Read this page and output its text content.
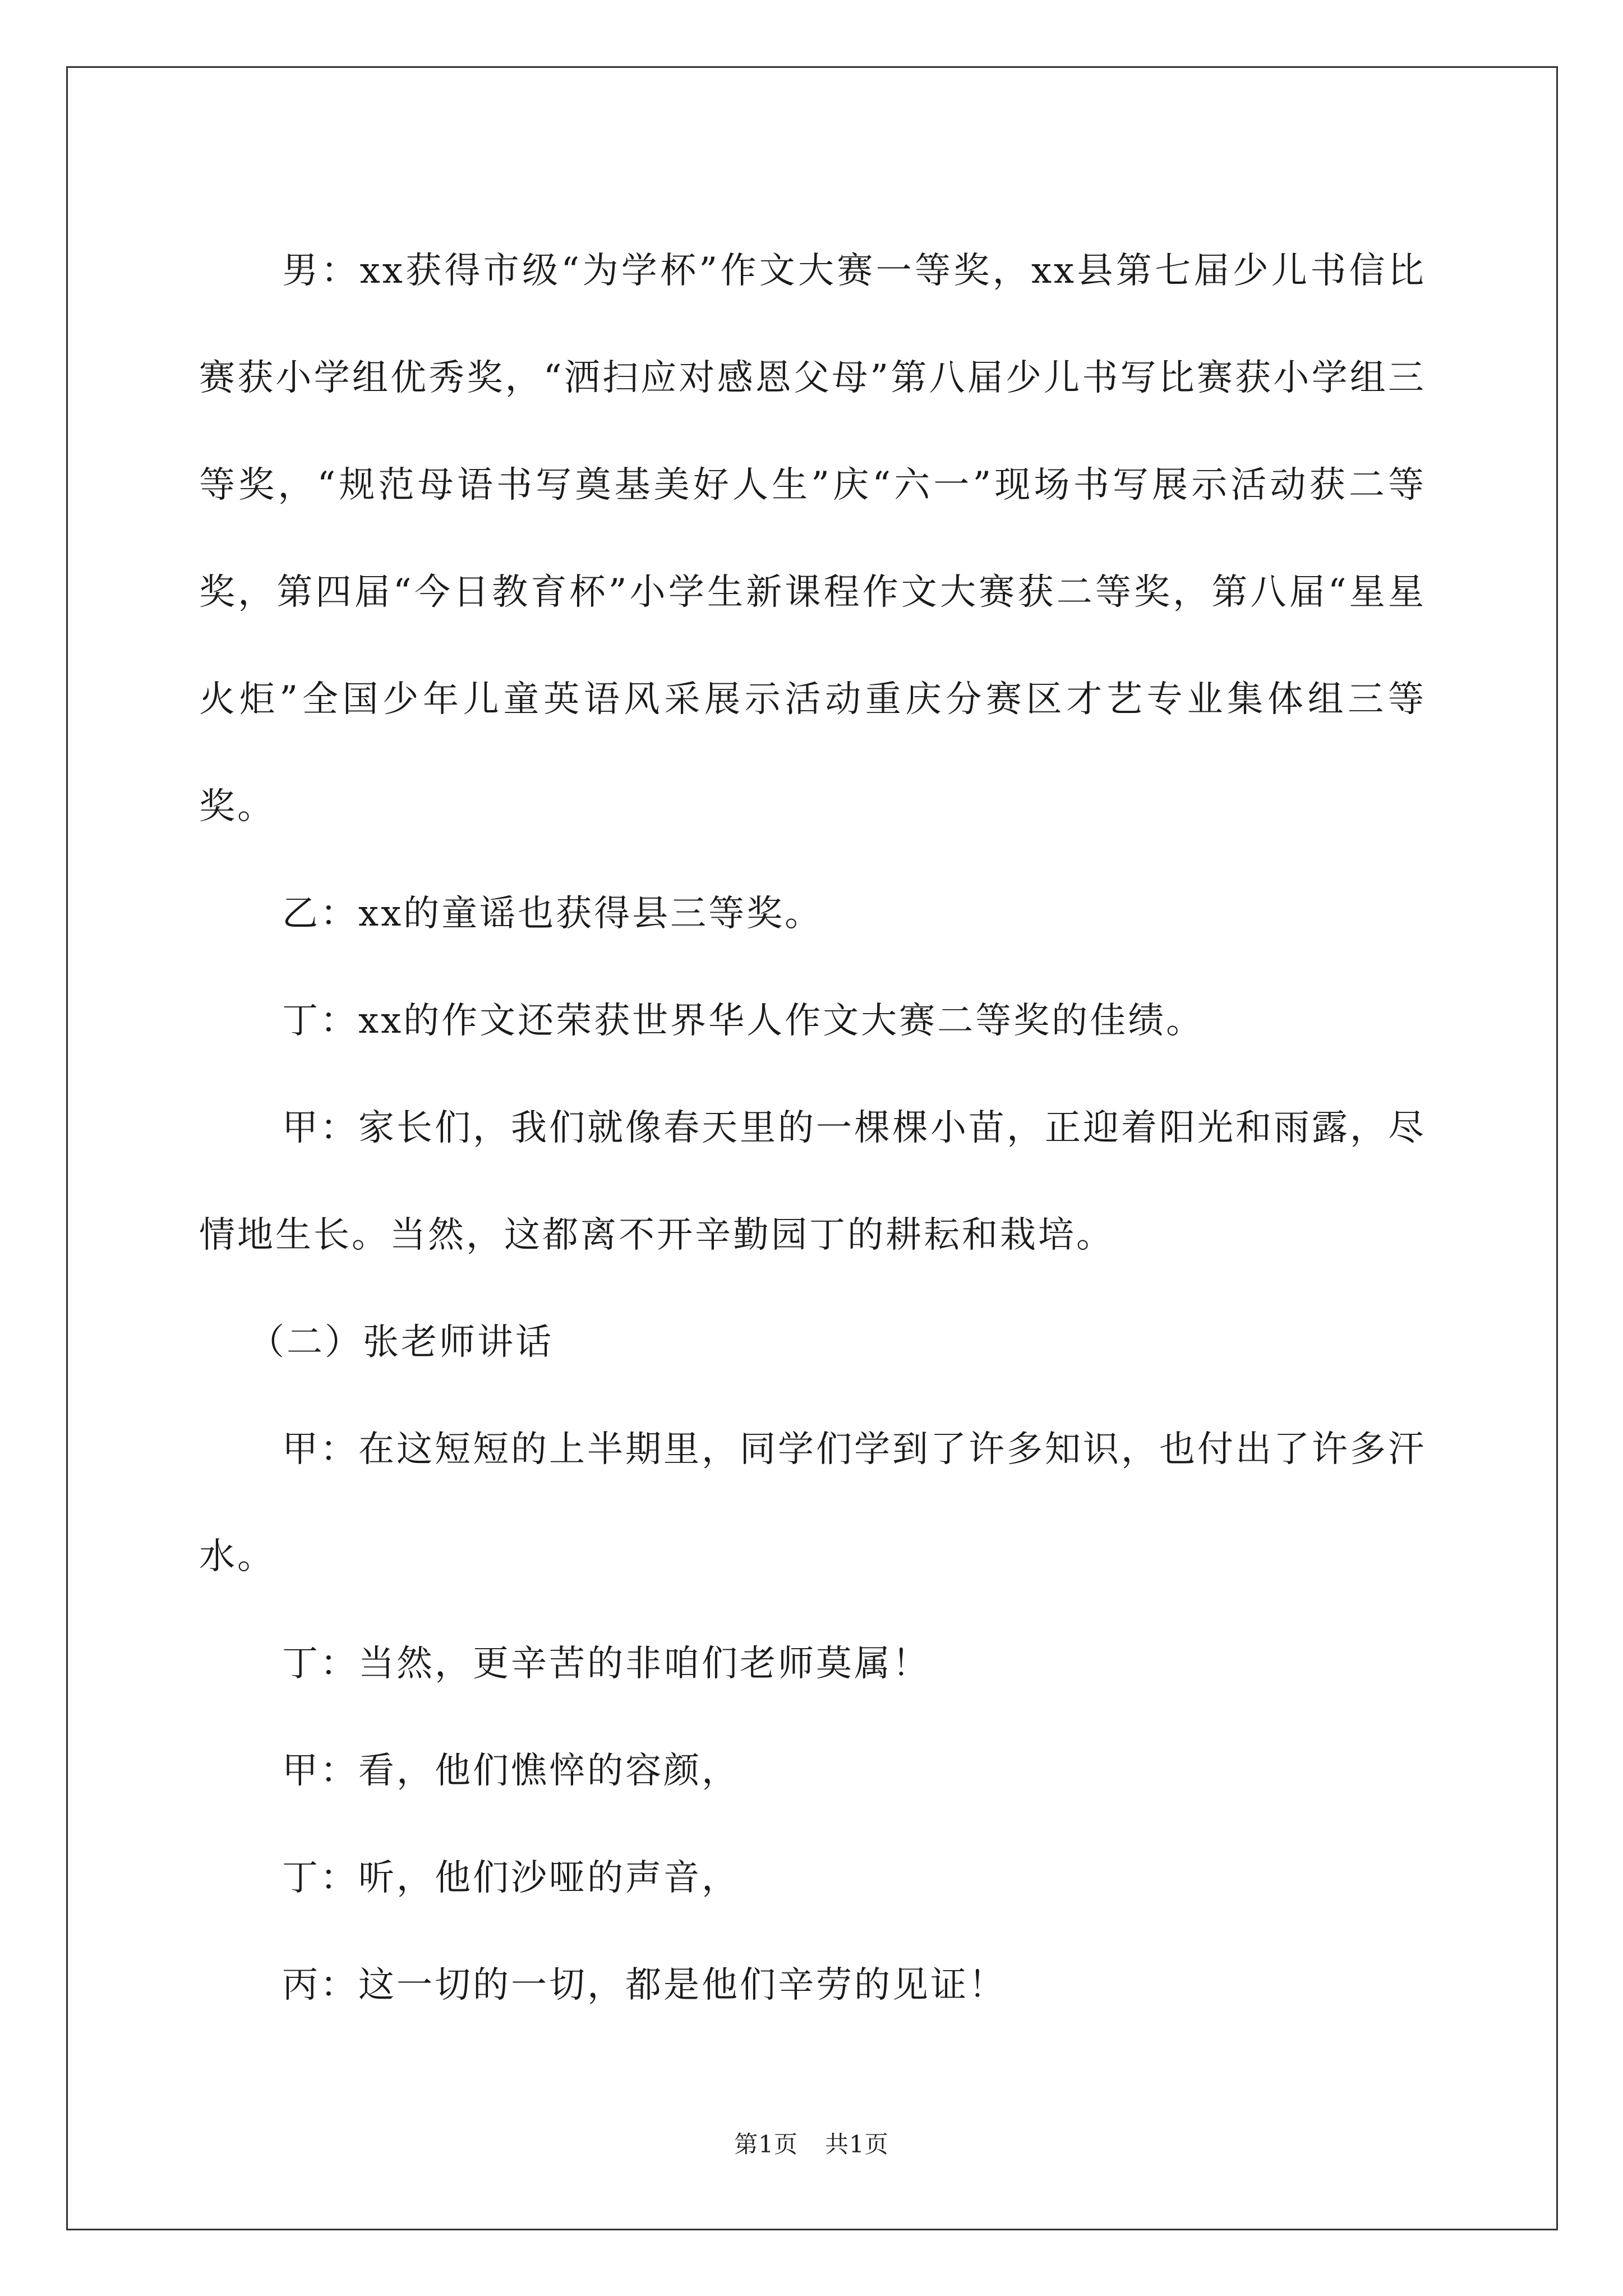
男：xx获得市级“为学杯”作文大赛一等奖，xx县第七届少儿书信比赛获小学组优秀奖，“洒扫应对感恩父母”第八届少儿书写比赛获小学组三等奖，“规范母语书写奠基美好人生”庆“六一”现场书写展示活动获二等奖，第四届“今日教育杯”小学生新课程作文大赛获二等奖，第八届“星星火炬”全国少年儿童英语风采展示活动重庆分赛区才艺专业集体组三等奖。

乙：xx的童谣也获得县三等奖。

丁：xx的作文还荣获世界华人作文大赛二等奖的佳绩。

甲：家长们，我们就像春天里的一棵棵小苗，正迎着阳光和雨露，尽情地生长。当然，这都离不开辛勤园丁的耕耘和栽培。

（二）张老师讲话

甲：在这短短的上半期里，同学们学到了许多知识，也付出了许多汗水。

丁：当然，更辛苦的非咱们老师莫属！

甲：看，他们憔悴的容颜，

丁：听，他们沙哑的声音，

丙：这一切的一切，都是他们辛劳的见证！

第1页 共1页
